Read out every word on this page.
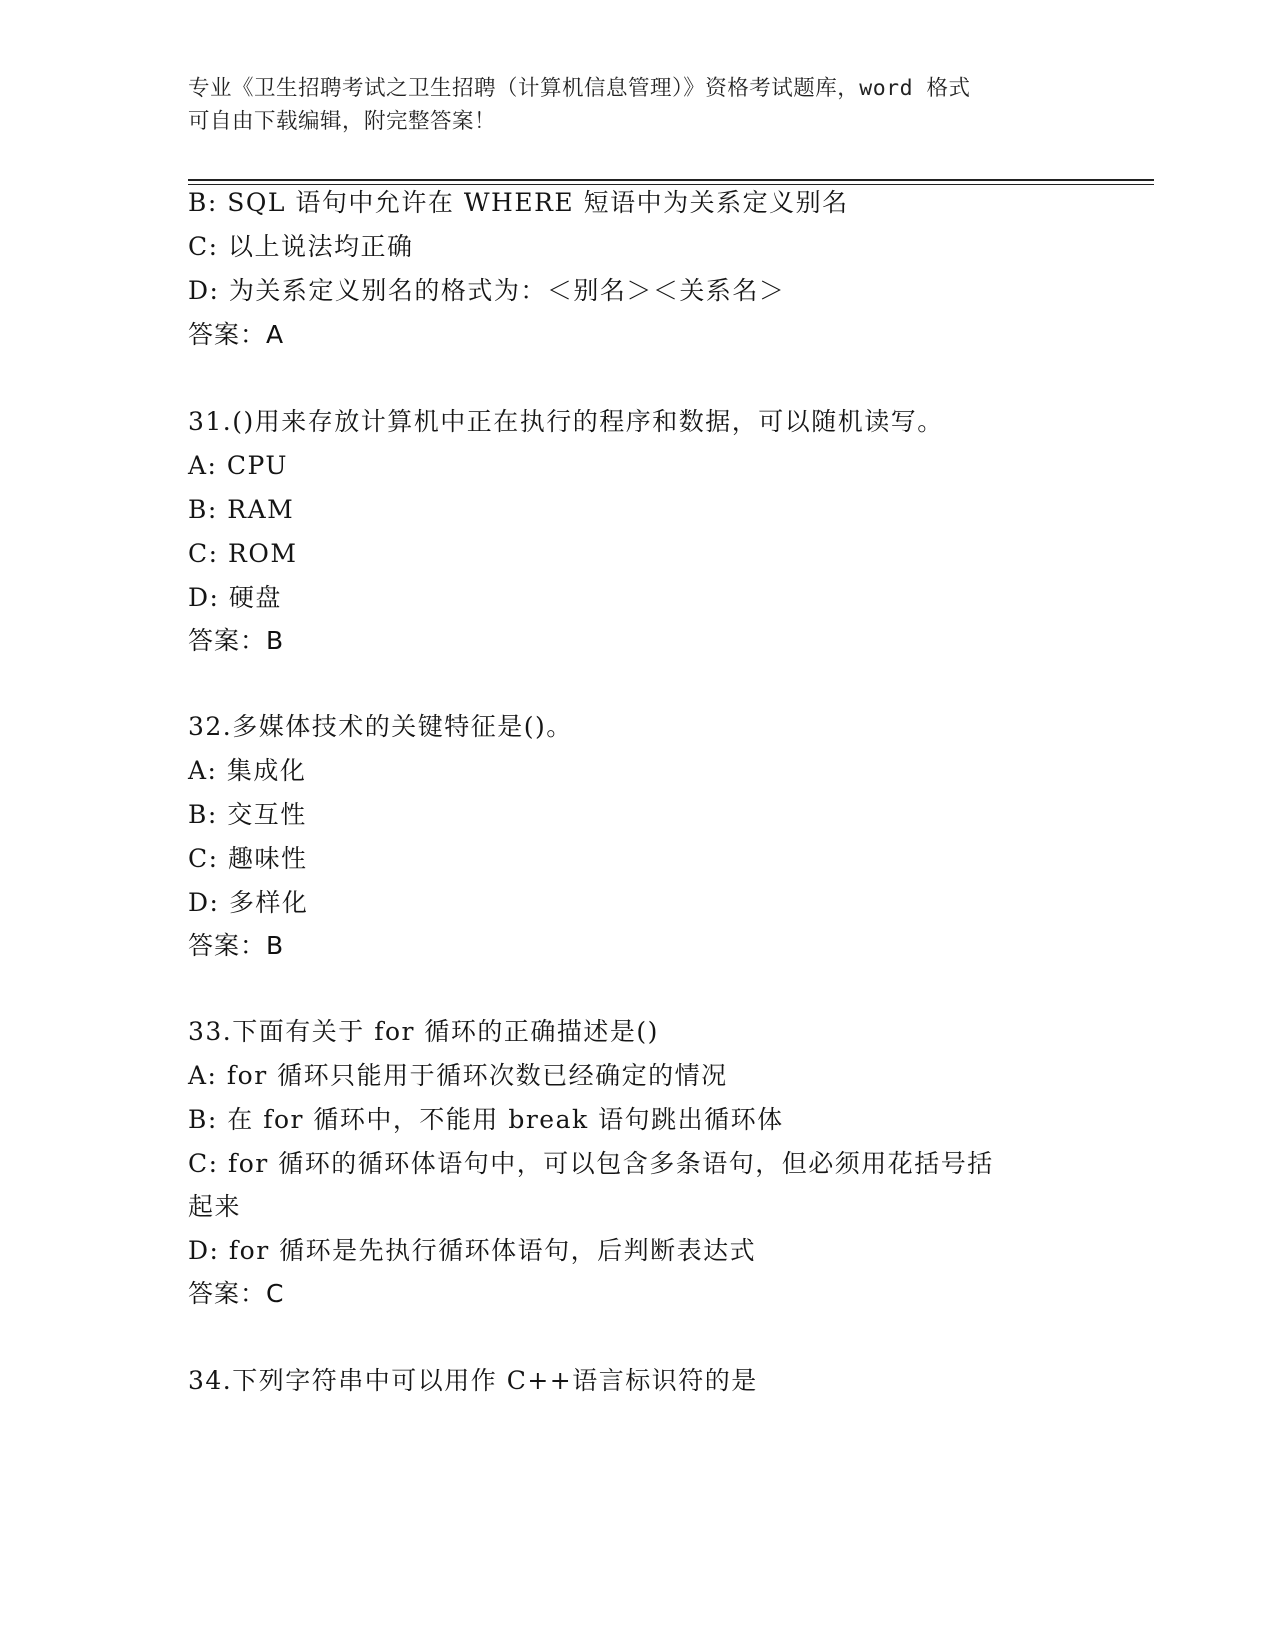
专业《卫生招聘考试之卫生招聘（计算机信息管理）》资格考试题库，word 格式
可自由下载编辑，附完整答案！
B: SQL 语句中允许在 WHERE 短语中为关系定义别名
C: 以上说法均正确
D: 为关系定义别名的格式为：＜别名＞＜关系名＞
答案：A
31.()用来存放计算机中正在执行的程序和数据，可以随机读写。
A: CPU
B: RAM
C: ROM
D: 硬盘
答案：B
32.多媒体技术的关键特征是()。
A: 集成化
B: 交互性
C: 趣味性
D: 多样化
答案：B
33.下面有关于 for 循环的正确描述是()
A: for 循环只能用于循环次数已经确定的情况
B: 在 for 循环中，不能用 break 语句跳出循环体
C: for 循环的循环体语句中，可以包含多条语句，但必须用花括号括
起来
D: for 循环是先执行循环体语句，后判断表达式
答案：C
34.下列字符串中可以用作 C++语言标识符的是
